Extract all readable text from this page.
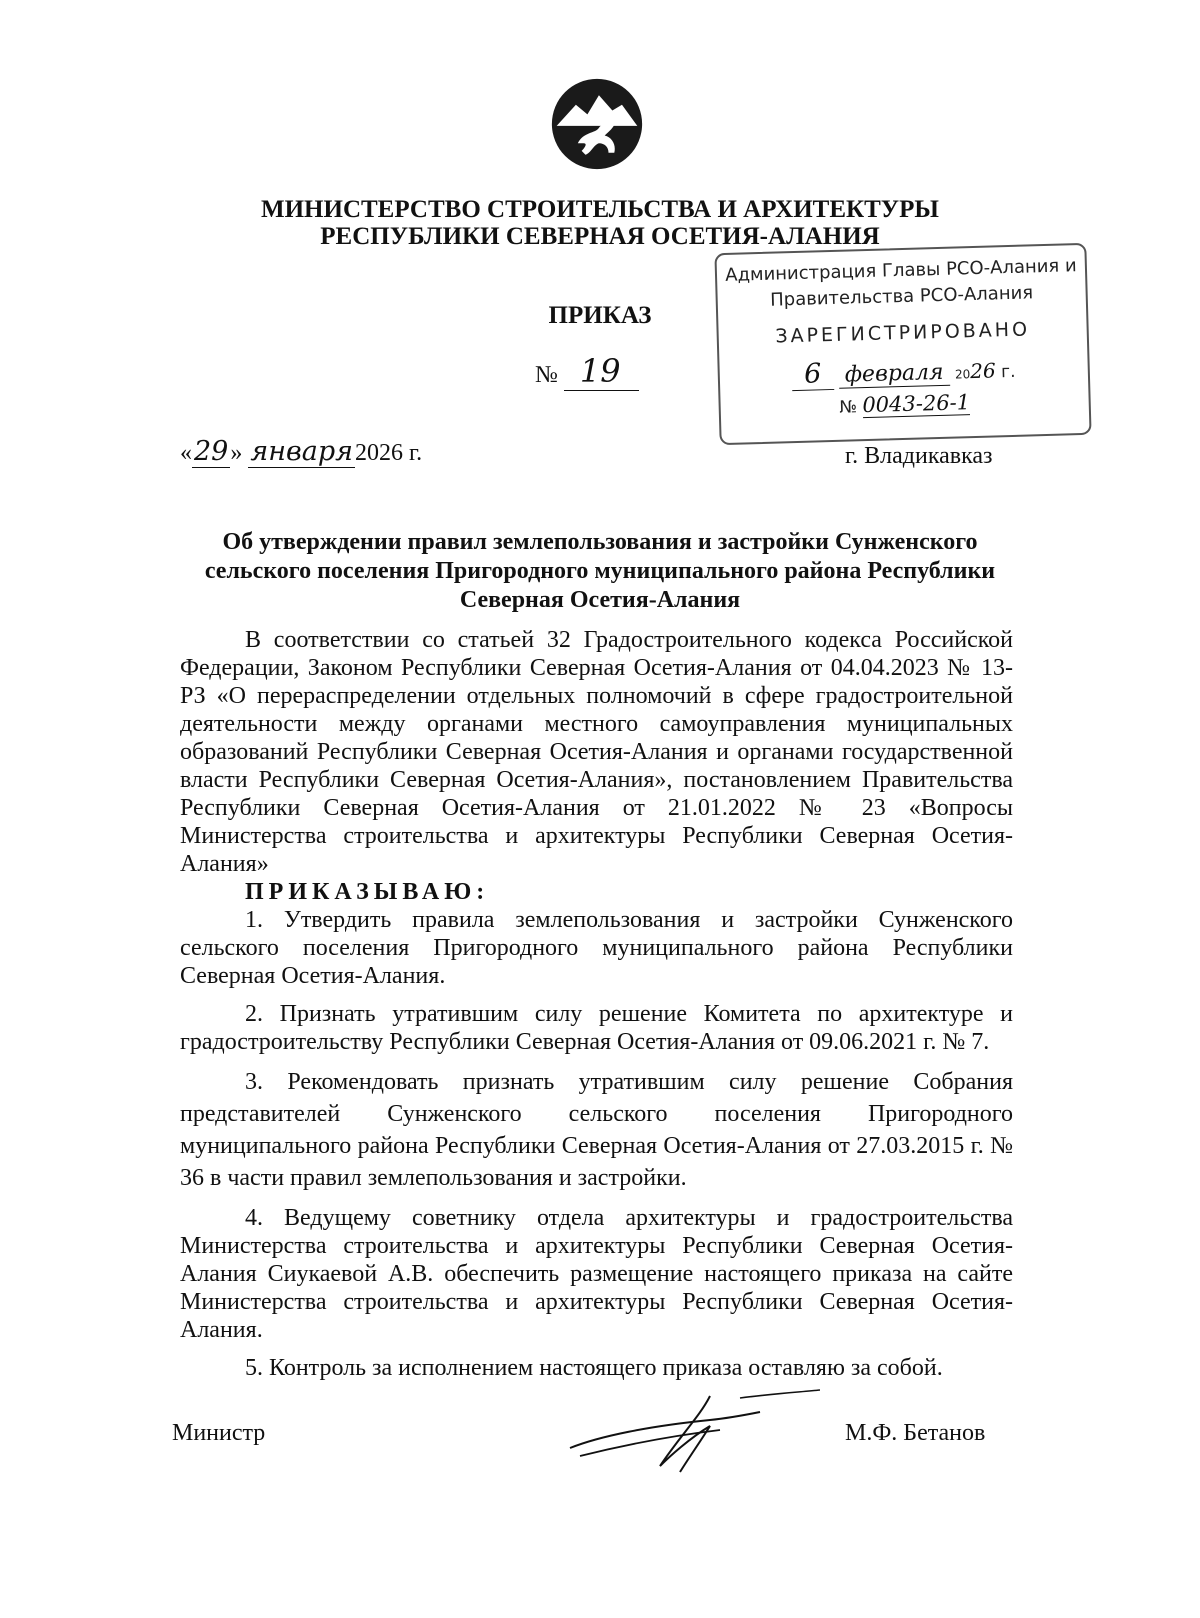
МИНИСТЕРСТВО СТРОИТЕЛЬСТВА И АРХИТЕКТУРЫ
РЕСПУБЛИКИ СЕВЕРНАЯ ОСЕТИЯ-АЛАНИЯ
Администрация Главы РСО-Алания и
Правительства РСО-Алания
ЗАРЕГИСТРИРОВАНО
6 февраля 2026 г.
№ 0043-26-1
ПРИКАЗ
№ 19
«29» января2026 г.	г. Владикавказ
Об утверждении правил землепользования и застройки Сунженского
сельского поселения Пригородного муниципального района Республики
Северная Осетия-Алания

В соответствии со статьей 32 Градостроительного кодекса Российской Федерации, Законом Республики Северная Осетия-Алания от 04.04.2023 № 13-РЗ «О перераспределении отдельных полномочий в сфере градостроительной деятельности между органами местного самоуправления муниципальных образований Республики Северная Осетия-Алания и органами государственной власти Республики Северная Осетия-Алания», постановлением Правительства Республики Северная Осетия-Алания от 21.01.2022 № 23 «Вопросы Министерства строительства и архитектуры Республики Северная Осетия-Алания»

ПРИКАЗЫВАЮ:

1. Утвердить правила землепользования и застройки Сунженского сельского поселения Пригородного муниципального района Республики Северная Осетия-Алания.

2. Признать утратившим силу решение Комитета по архитектуре и градостроительству Республики Северная Осетия-Алания от 09.06.2021 г. № 7.

3. Рекомендовать признать утратившим силу решение Собрания представителей Сунженского сельского поселения Пригородного муниципального района Республики Северная Осетия-Алания от 27.03.2015 г. № 36 в части правил землепользования и застройки.

4. Ведущему советнику отдела архитектуры и градостроительства Министерства строительства и архитектуры Республики Северная Осетия-Алания Сиукаевой А.В. обеспечить размещение настоящего приказа на сайте Министерства строительства и архитектуры Республики Северная Осетия-Алания.

5. Контроль за исполнением настоящего приказа оставляю за собой.

Министр	М.Ф. Бетанов
